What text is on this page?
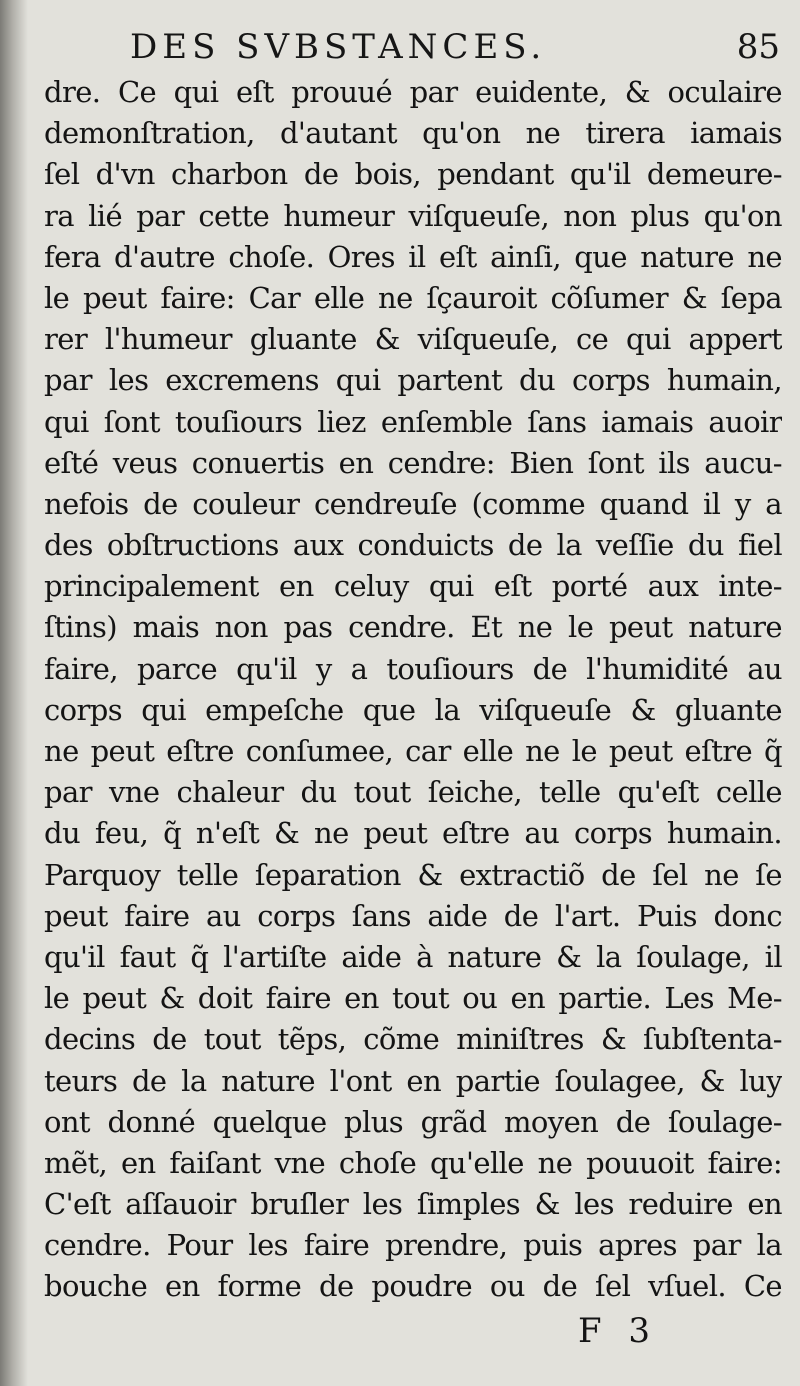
DES SVBSTANCES.	85
dre. Ce qui eſt prouué par euidente, & oculaire
demonſtration, d'autant qu'on ne tirera iamais
ſel d'vn charbon de bois, pendant qu'il demeure-
ra lié par cette humeur viſqueuſe, non plus qu'on
fera d'autre choſe. Ores il eſt ainſi, que nature ne
le peut faire: Car elle ne ſçauroit cõſumer & ſepa
rer l'humeur gluante & viſqueuſe, ce qui appert
par les excremens qui partent du corps humain,
qui ſont touſiours liez enſemble ſans iamais auoir
eſté veus conuertis en cendre: Bien ſont ils aucu-
nefois de couleur cendreuſe (comme quand il y a
des obſtructions aux conduicts de la veſſie du fiel
principalement en celuy qui eſt porté aux inte-
ſtins) mais non pas cendre. Et ne le peut nature
faire, parce qu'il y a touſiours de l'humidité au
corps qui empeſche que la viſqueuſe & gluante
ne peut eſtre conſumee, car elle ne le peut eſtre q̃
par vne chaleur du tout ſeiche, telle qu'eſt celle
du feu, q̃ n'eſt & ne peut eſtre au corps humain.
Parquoy telle ſeparation & extractiõ de ſel ne ſe
peut faire au corps ſans aide de l'art. Puis donc
qu'il faut q̃ l'artiſte aide à nature & la ſoulage, il
le peut & doit faire en tout ou en partie. Les Me-
decins de tout tẽps, cõme miniſtres & ſubſtenta-
teurs de la nature l'ont en partie ſoulagee, & luy
ont donné quelque plus grãd moyen de ſoulage-
mẽt, en faiſant vne choſe qu'elle ne pouuoit faire:
C'eſt aſſauoir bruſler les ſimples & les reduire en
cendre. Pour les faire prendre, puis apres par la
bouche en forme de poudre ou de ſel vſuel. Ce
F 3
